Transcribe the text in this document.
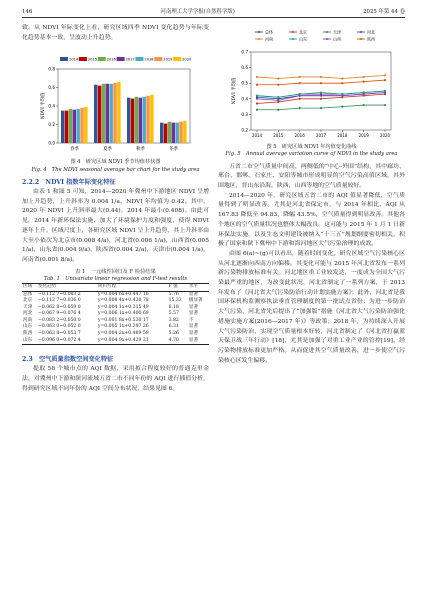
146	河南理工大学学报(自然科学版)	2025 年第 44 卷

致。从 NDVI 年际变化上看，研究区域四季 NDVI 变化趋势与年际变化趋势基本一致，呈波动上升趋势。

0.0
0.2
0.4
0.6
0.8
NDVI 平均值
2014	2015	2016	2017	2018	2019	2020
春季	夏季	秋季	冬季
图 4　研究区域 NDVI 季节均值柱状图
Fig. 4　The NDVI seasonal average bar chart for the study area
2.2.2　NDVI 指数年际变化特征

由表 1 和图 5 可知，2014—2020 年冀州中下游地区 NDVI 呈增加上升趋势，上升斜率为 0.004 1/a，NDVI 年均值为 0.42。其中，2020 年 NDVI 上升斜率最大(0.44)，2014 年最小(0.408)。由此可见，2014 年新环保法实施，加大了环境保护力度和强度，使得 NDVI 逐年上升。区域尺度上，各研究区域 NDVI 呈上升趋势，其上升斜率由大至小依次为北京市(0.008 4/a)，河北省(0.006 1/a)，山西省(0.005 1/a)，山东省(0.004 9/a)，陕西省(0.004 2/a)，天津市(0.004 1/a)，河南省(0.001 8/a)。

表 1　一元线性回归及 F 检验结果
Tab. 1　Univariate linear regression and F-test results
区域	变化趋势	回归方程	F 值	水平
总体	−0.112 7~0.083 2	y=0.004 6x+0.447 16	5.76	显著
北京	−0.112 7~0.036 0	y=0.008 4x+0.430 78	15.33	极显著
天津	−0.062 8~0.059 0	y=0.004 1x+0.315 49	6.18	显著
河北	−0.067 9~0.076 4	y=0.006 1x+0.400 69	5.57	显著
河南	−0.083 2~0.050 0	y=0.001 8x+0.530 17	3.82	不
山东	−0.063 0~0.052 0	y=0.005 1x+0.397 26	6.31	显著
陕西	−0.063 8~0.053 7	y=0.004 2x+0.489 59	5.26	显著
山东	−0.096 0~0.072 4	y=0.004 9x+0.429 21	4.70	显著
2.3　空气质量指数空间变化特征

提取 58 个城市点的 AQI 数据，采用拟合程度较好的普通克里金法，对冀州中下游和陕河流域五省二市不同年份的 AQI 进行插值分析，得到研究区域不同年份的 AQI 空间分布状况，结果见图 6。

0.2
0.3
0.4
0.5
0.6
0.7
NDVI 平均值
2014	2015	2016	2017	2018	2019	2020
总体	北京	天津	河北
河南	山东	山西	陕西
图 5　研究区域 NDVI 年均值变化曲线
Fig. 5　Annual average variation curve of NDVI in the study area

五省二市空气质量中间高，两侧低的“中心-外围”结构，其中廊坊、邢台、邯郸、石家庄、安阳等城市形成明显的空气污染高值区域。其外围地区，晋山东沿海，陕西，山西等地的空气质量较好。

2014—2020 年，研究区域五省二市的 AQI 值显著降低，空气质量得到了明显改善。尤其是河北省保定市，与 2014 年相比，AQI 从 167.83 降低至 94.83，降幅 43.5%，空气质量得到明显改善。其他各个地区的空气质量状况也整体大幅改良。这可能与 2015 年 1 月 1 日新环保法实施，以及生态文明建设被纳入“十三五”规划纲要密切相关。积极了国家和陕下冀州中下游和海河地区大气污染治理的成效。

由图 6(a)~(g)可以看出，随着时间变化，研究区域空气污染核心区从河北逐渐向西南方向偏移。其变化可能与 2015 年河北省发布一系列新污染物排放标准有关。河北地区重工业较发达，一度成为全国大气污染最严重的地区，为改变此状况，河北省制定了一系列方案，于 2013 年发布了《河北省大气污染防治行动计划实施方案》；此外，河北省是我国环保机构监测察执法垂直管理制度的第一批试点省份；为进一步防治大气污染，河北省先后提出了“加强版”措施《河北省大气污染防治强化措施实施方案(2016—2017 年)》等政策；2018 年，为持续深入开展大气污染防治，实现空气质量根本好转，河北省制定了《河北省打赢蓝天保卫战三年行动》[18]，尤其是加强了对重工业产业的管控[19]，经污染物排放标准更加严格。从而促进其空气质量改善，进一步使空气污染核心区发生偏移。
